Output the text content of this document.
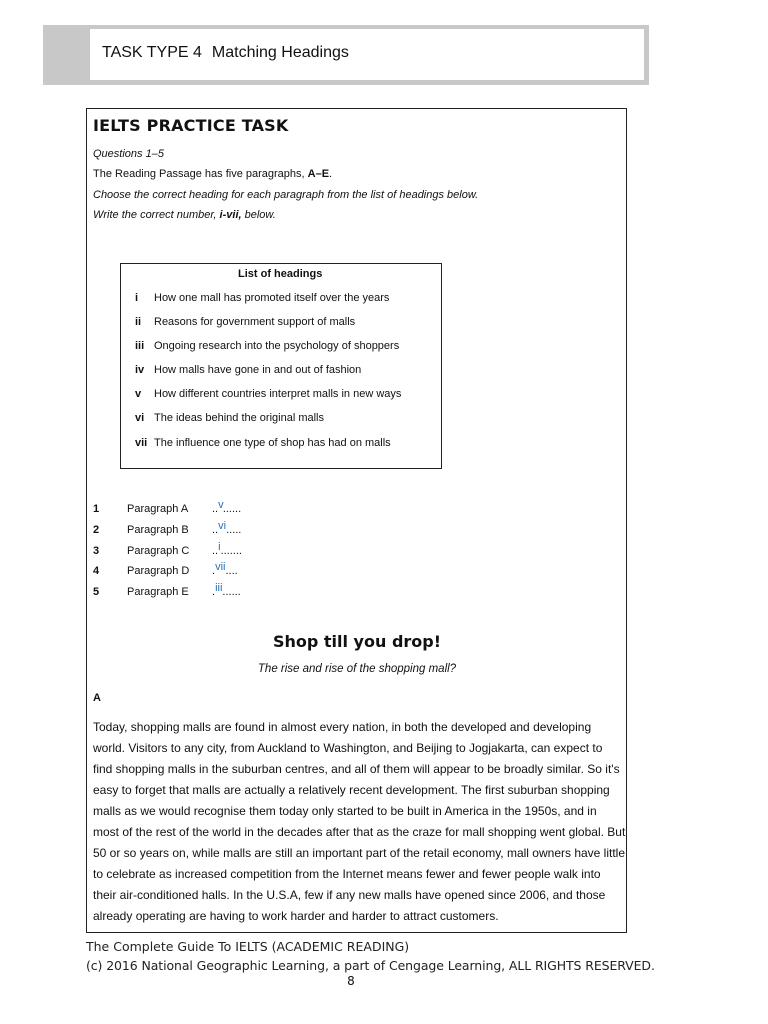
TASK TYPE 4 Matching Headings
IELTS PRACTICE TASK
Questions 1–5
The Reading Passage has five paragraphs, A–E.
Choose the correct heading for each paragraph from the list of headings below.
Write the correct number, i-vii, below.
List of headings
i How one mall has promoted itself over the years
ii Reasons for government support of malls
iii Ongoing research into the psychology of shoppers
iv How malls have gone in and out of fashion
v How different countries interpret malls in new ways
vi The ideas behind the original malls
vii The influence one type of shop has had on malls
1	Paragraph A ..v......
2	Paragraph B ..vi.....
3	Paragraph C ..i.......
4	Paragraph D .vii....
5	Paragraph E .iii......
Shop till you drop!
The rise and rise of the shopping mall?
A
Today, shopping malls are found in almost every nation, in both the developed and developing
world. Visitors to any city, from Auckland to Washington, and Beijing to Jogjakarta, can expect to
find shopping malls in the suburban centres, and all of them will appear to be broadly similar. So it's
easy to forget that malls are actually a relatively recent development. The first suburban shopping
malls as we would recognise them today only started to be built in America in the 1950s, and in
most of the rest of the world in the decades after that as the craze for mall shopping went global. But
50 or so years on, while malls are still an important part of the retail economy, mall owners have little
to celebrate as increased competition from the Internet means fewer and fewer people walk into
their air-conditioned halls. In the U.S.A, few if any new malls have opened since 2006, and those
already operating are having to work harder and harder to attract customers.
The Complete Guide To IELTS (ACADEMIC READING)
(c) 2016 National Geographic Learning, a part of Cengage Learning, ALL RIGHTS RESERVED.
8
